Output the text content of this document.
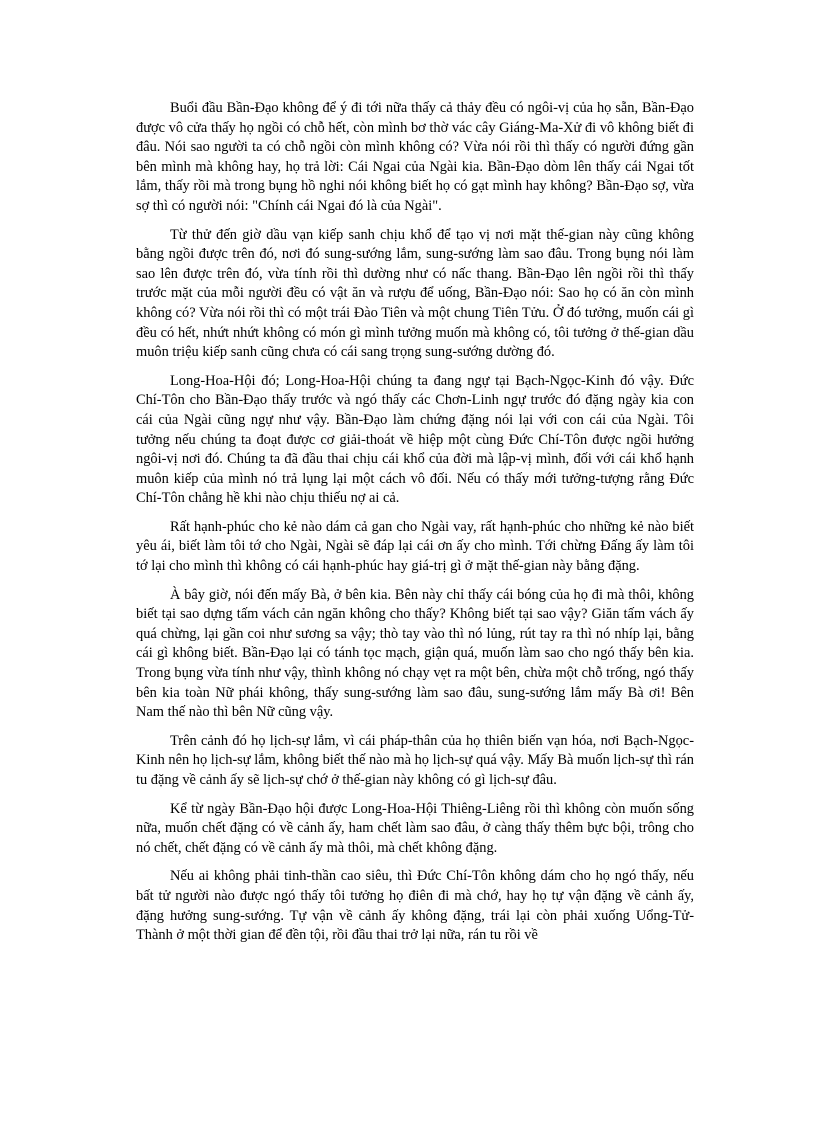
Buổi đầu Bần-Đạo không để ý đi tới nữa thấy cả thảy đều có ngôi-vị của họ sẵn, Bần-Đạo được vô cửa thấy họ ngồi có chỗ hết, còn mình bơ thờ vác cây Giáng-Ma-Xử đi vô không biết đi đâu. Nói sao người ta có chỗ ngồi còn mình không có? Vừa nói rồi thì thấy có người đứng gần bên mình mà không hay, họ trả lời: Cái Ngai của Ngài kia. Bần-Đạo dòm lên thấy cái Ngai tốt lắm, thấy rồi mà trong bụng hồ nghi nói không biết họ có gạt mình hay không? Bần-Đạo sợ, vừa sợ thì có người nói: "Chính cái Ngai đó là của Ngài".

Từ thử đến giờ dầu vạn kiếp sanh chịu khổ để tạo vị nơi mặt thế-gian này cũng không bằng ngồi được trên đó, nơi đó sung-sướng lắm, sung-sướng làm sao đâu. Trong bụng nói làm sao lên được trên đó, vừa tính rồi thì dường như có nấc thang. Bần-Đạo lên ngồi rồi thì thấy trước mặt của mỗi người đều có vật ăn và rượu để uống, Bần-Đạo nói: Sao họ có ăn còn mình không có? Vừa nói rồi thì có một trái Đào Tiên và một chung Tiên Tửu. Ở đó tưởng, muốn cái gì đều có hết, nhứt nhứt không có món gì mình tưởng muốn mà không có, tôi tưởng ở thế-gian dầu muôn triệu kiếp sanh cũng chưa có cái sang trọng sung-sướng dường đó.

Long-Hoa-Hội đó; Long-Hoa-Hội chúng ta đang ngự tại Bạch-Ngọc-Kinh đó vậy. Đức Chí-Tôn cho Bần-Đạo thấy trước và ngó thấy các Chơn-Linh ngự trước đó đặng ngày kia con cái của Ngài cũng ngự như vậy. Bần-Đạo làm chứng đặng nói lại với con cái của Ngài. Tôi tưởng nếu chúng ta đoạt được cơ giải-thoát về hiệp một cùng Đức Chí-Tôn được ngồi hưởng ngôi-vị nơi đó. Chúng ta đã đầu thai chịu cái khổ của đời mà lập-vị mình, đối với cái khổ hạnh muôn kiếp của mình nó trả lụng lại một cách vô đối. Nếu có thấy mới tưởng-tượng rằng Đức Chí-Tôn chẳng hề khi nào chịu thiếu nợ ai cả.

Rất hạnh-phúc cho kẻ nào dám cả gan cho Ngài vay, rất hạnh-phúc cho những kẻ nào biết yêu ái, biết làm tôi tớ cho Ngài, Ngài sẽ đáp lại cái ơn ấy cho mình. Tới chừng Đấng ấy làm tôi tớ lại cho mình thì không có cái hạnh-phúc hay giá-trị gì ở mặt thế-gian này bằng đặng.

À bây giờ, nói đến mấy Bà, ở bên kia. Bên này chỉ thấy cái bóng của họ đi mà thôi, không biết tại sao dựng tấm vách cản ngăn không cho thấy? Không biết tại sao vậy? Giăn tấm vách ấy quá chừng, lại gần coi như sương sa vậy; thò tay vào thì nó lủng, rút tay ra thì nó nhíp lại, bằng cái gì không biết. Bần-Đạo lại có tánh tọc mạch, giận quá, muốn làm sao cho ngó thấy bên kia. Trong bụng vừa tính như vậy, thình không nó chạy vẹt ra một bên, chừa một chỗ trống, ngó thấy bên kia toàn Nữ phái không, thấy sung-sướng làm sao đâu, sung-sướng lắm mấy Bà ơi! Bên Nam thế nào thì bên Nữ cũng vậy.

Trên cảnh đó họ lịch-sự lắm, vì cái pháp-thân của họ thiên biến vạn hóa, nơi Bạch-Ngọc-Kinh nên họ lịch-sự lắm, không biết thế nào mà họ lịch-sự quá vậy. Mấy Bà muốn lịch-sự thì rán tu đặng về cảnh ấy sẽ lịch-sự chớ ở thế-gian này không có gì lịch-sự đâu.

Kể từ ngày Bần-Đạo hội được Long-Hoa-Hội Thiêng-Liêng rồi thì không còn muốn sống nữa, muốn chết đặng có về cảnh ấy, ham chết làm sao đâu, ở càng thấy thêm bực bội, trông cho nó chết, chết đặng có về cảnh ấy mà thôi, mà chết không đặng.

Nếu ai không phải tinh-thần cao siêu, thì Đức Chí-Tôn không dám cho họ ngó thấy, nếu bất tử người nào được ngó thấy tôi tưởng họ điên đi mà chớ, hay họ tự vận đặng về cảnh ấy, đặng hưởng sung-sướng. Tự vận về cảnh ấy không đặng, trái lại còn phải xuống Uổng-Tử-Thành ở một thời gian để đền tội, rồi đầu thai trở lại nữa, rán tu rồi về
